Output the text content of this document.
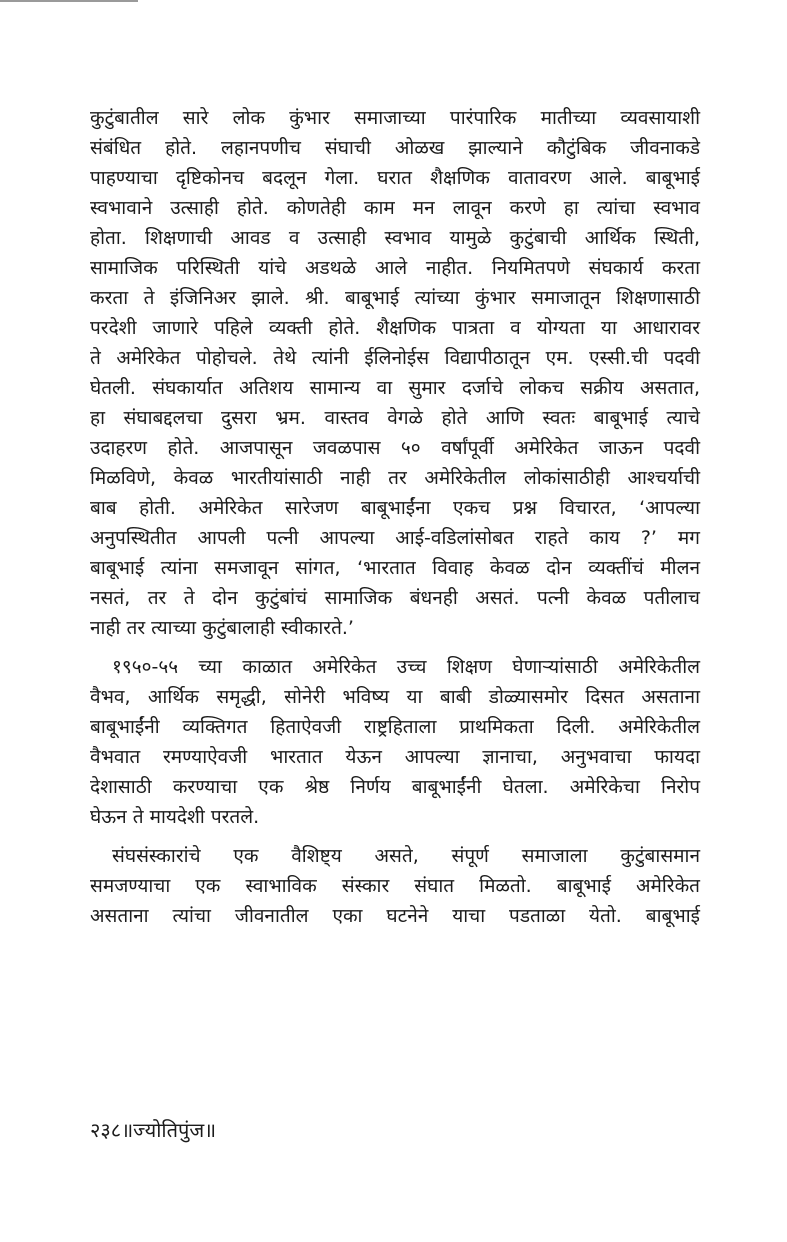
कुटुंबातील सारे लोक कुंभार समाजाच्या पारंपारिक मातीच्या व्यवसायाशी
संबंधित होते. लहानपणीच संघाची ओळख झाल्याने कौटुंबिक जीवनाकडे
पाहण्याचा दृष्टिकोनच बदलून गेला. घरात शैक्षणिक वातावरण आले. बाबूभाई
स्वभावाने उत्साही होते. कोणतेही काम मन लावून करणे हा त्यांचा स्वभाव
होता. शिक्षणाची आवड व उत्साही स्वभाव यामुळे कुटुंबाची आर्थिक स्थिती,
सामाजिक परिस्थिती यांचे अडथळे आले नाहीत. नियमितपणे संघकार्य करता
करता ते इंजिनिअर झाले. श्री. बाबूभाई त्यांच्या कुंभार समाजातून शिक्षणासाठी
परदेशी जाणारे पहिले व्यक्ती होते. शैक्षणिक पात्रता व योग्यता या आधारावर
ते अमेरिकेत पोहोचले. तेथे त्यांनी ईलिनोईस विद्यापीठातून एम. एस्सी.ची पदवी
घेतली. संघकार्यात अतिशय सामान्य वा सुमार दर्जाचे लोकच सक्रीय असतात,
हा संघाबद्दलचा दुसरा भ्रम. वास्तव वेगळे होते आणि स्वतः बाबूभाई त्याचे
उदाहरण होते. आजपासून जवळपास ५० वर्षांपूर्वी अमेरिकेत जाऊन पदवी
मिळविणे, केवळ भारतीयांसाठी नाही तर अमेरिकेतील लोकांसाठीही आश्चर्याची
बाब होती. अमेरिकेत सारेजण बाबूभाईंना एकच प्रश्न विचारत, ‘आपल्या
अनुपस्थितीत आपली पत्नी आपल्या आई-वडिलांसोबत राहते काय ?’ मग
बाबूभाई त्यांना समजावून सांगत, ‘भारतात विवाह केवळ दोन व्यक्तींचं मीलन
नसतं, तर ते दोन कुटुंबांचं सामाजिक बंधनही असतं. पत्नी केवळ पतीलाच
नाही तर त्याच्या कुटुंबालाही स्वीकारते.’
१९५०-५५ च्या काळात अमेरिकेत उच्च शिक्षण घेणाऱ्यांसाठी अमेरिकेतील
वैभव, आर्थिक समृद्धी, सोनेरी भविष्य या बाबी डोळ्यासमोर दिसत असताना
बाबूभाईंनी व्यक्तिगत हिताऐवजी राष्ट्रहिताला प्राथमिकता दिली. अमेरिकेतील
वैभवात रमण्याऐवजी भारतात येऊन आपल्या ज्ञानाचा, अनुभवाचा फायदा
देशासाठी करण्याचा एक श्रेष्ठ निर्णय बाबूभाईंनी घेतला. अमेरिकेचा निरोप
घेऊन ते मायदेशी परतले.
संघसंस्कारांचे एक वैशिष्ट्य असते, संपूर्ण समाजाला कुटुंबासमान
समजण्याचा एक स्वाभाविक संस्कार संघात मिळतो. बाबूभाई अमेरिकेत
असताना त्यांचा जीवनातील एका घटनेने याचा पडताळा येतो. बाबूभाई
२३८॥ज्योतिपुंज॥
